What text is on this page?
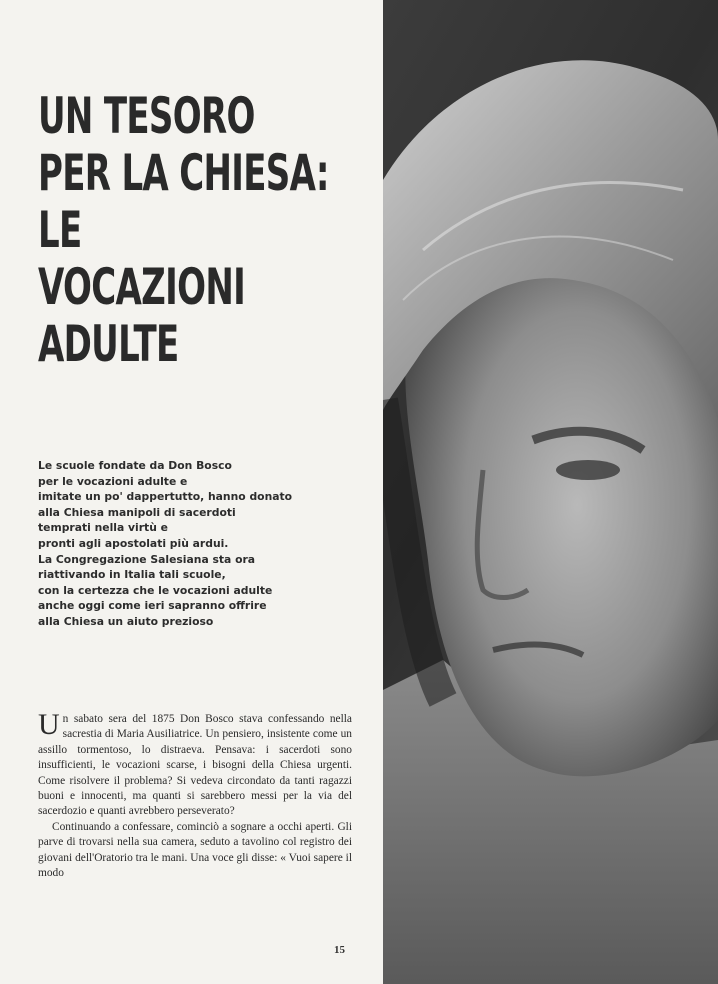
UN TESORO
PER LA CHIESA:
LE
VOCAZIONI
ADULTE
Le scuole fondate da Don Bosco
per le vocazioni adulte e
imitate un po' dappertutto, hanno donato
alla Chiesa manipoli di sacerdoti
temprati nella virtù e
pronti agli apostolati più ardui.
La Congregazione Salesiana sta ora
riattivando in Italia tali scuole,
con la certezza che le vocazioni adulte
anche oggi come ieri sapranno offrire
alla Chiesa un aiuto prezioso

Un sabato sera del 1875 Don Bosco stava confessando nella sacrestia di Maria Ausiliatrice. Un pensiero, insistente come un assillo tormentoso, lo distraeva. Pensava: i sacerdoti sono insufficienti, le vocazioni scarse, i bisogni della Chiesa urgenti. Come risolvere il problema? Si vedeva circondato da tanti ragazzi buoni e innocenti, ma quanti si sarebbero messi per la via del sacerdozio e quanti avrebbero perseverato?

Continuando a confessare, cominciò a sognare a occhi aperti. Gli parve di trovarsi nella sua camera, seduto a tavolino col registro dei giovani dell'Oratorio tra le mani. Una voce gli disse: « Vuoi sapere il modo

15
